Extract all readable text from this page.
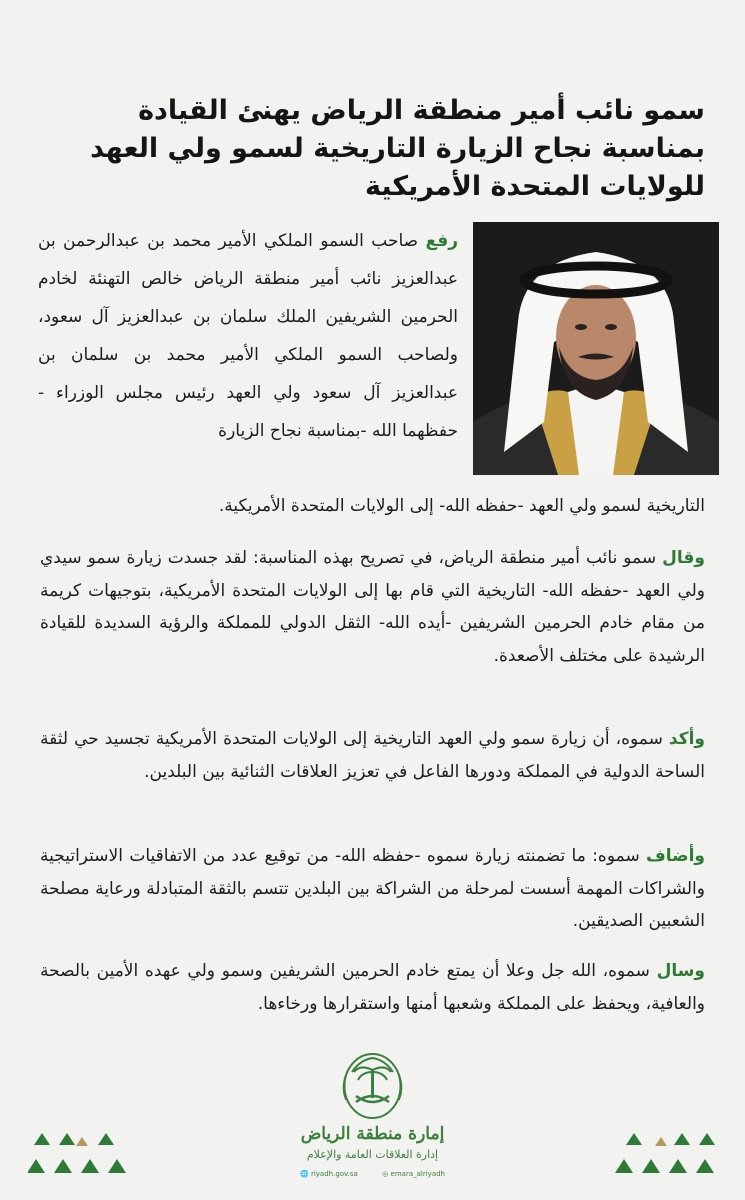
سمو نائب أمير منطقة الرياض يهنئ القيادة بمناسبة نجاح الزيارة التاريخية لسمو ولي العهد للولايات المتحدة الأمريكية

رفع صاحب السمو الملكي الأمير محمد بن عبدالرحمن بن عبدالعزيز نائب أمير منطقة الرياض خالص التهنئة لخادم الحرمين الشريفين الملك سلمان بن عبدالعزيز آل سعود، ولصاحب السمو الملكي الأمير محمد بن سلمان بن عبدالعزيز آل سعود ولي العهد رئيس مجلس الوزراء - حفظهما الله -بمناسبة نجاح الزيارة

التاريخية لسمو ولي العهد -حفظه الله- إلى الولايات المتحدة الأمريكية.

وقال سمو نائب أمير منطقة الرياض، في تصريح بهذه المناسبة: لقد جسدت زيارة سمو سيدي ولي العهد -حفظه الله- التاريخية التي قام بها إلى الولايات المتحدة الأمريكية، بتوجيهات كريمة من مقام خادم الحرمين الشريفين -أيده الله- الثقل الدولي للمملكة والرؤية السديدة للقيادة الرشيدة على مختلف الأصعدة.

وأكد سموه، أن زيارة سمو ولي العهد التاريخية إلى الولايات المتحدة الأمريكية تجسيد حي لثقة الساحة الدولية في المملكة ودورها الفاعل في تعزيز العلاقات الثنائية بين البلدين.

وأضاف سموه: ما تضمنته زيارة سموه -حفظه الله- من توقيع عدد من الاتفاقيات الاستراتيجية والشراكات المهمة أسست لمرحلة من الشراكة بين البلدين تتسم بالثقة المتبادلة ورعاية مصلحة الشعبين الصديقين.

وسال سموه، الله جل وعلا أن يمتع خادم الحرمين الشريفين وسمو ولي عهده الأمين بالصحة والعافية، ويحفظ على المملكة وشعبها أمنها واستقرارها ورخاءها.

إمارة منطقة الرياض

إدارة العلاقات العامة والإعلام

🌐 riyadh.gov.sa	◎ emara_alriyadh
